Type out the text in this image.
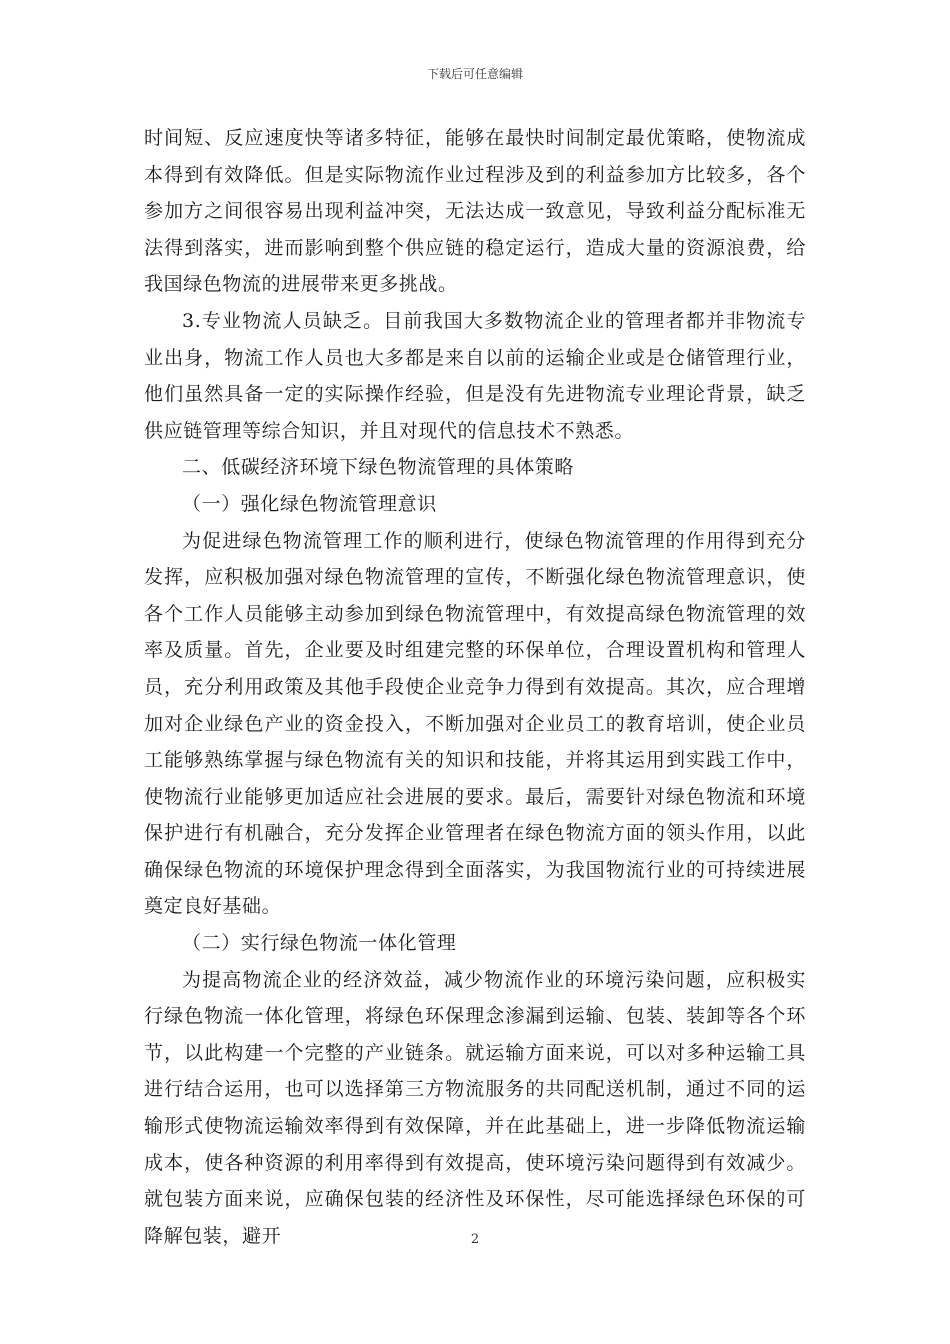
下载后可任意编辑

时间短、反应速度快等诸多特征，能够在最快时间制定最优策略，使物流成本得到有效降低。但是实际物流作业过程涉及到的利益参加方比较多，各个参加方之间很容易出现利益冲突，无法达成一致意见，导致利益分配标准无法得到落实，进而影响到整个供应链的稳定运行，造成大量的资源浪费，给我国绿色物流的进展带来更多挑战。

3.专业物流人员缺乏。目前我国大多数物流企业的管理者都并非物流专业出身，物流工作人员也大多都是来自以前的运输企业或是仓储管理行业，他们虽然具备一定的实际操作经验，但是没有先进物流专业理论背景，缺乏供应链管理等综合知识，并且对现代的信息技术不熟悉。

二、低碳经济环境下绿色物流管理的具体策略

（一）强化绿色物流管理意识

为促进绿色物流管理工作的顺利进行，使绿色物流管理的作用得到充分发挥，应积极加强对绿色物流管理的宣传，不断强化绿色物流管理意识，使各个工作人员能够主动参加到绿色物流管理中，有效提高绿色物流管理的效率及质量。首先，企业要及时组建完整的环保单位，合理设置机构和管理人员，充分利用政策及其他手段使企业竞争力得到有效提高。其次，应合理增加对企业绿色产业的资金投入，不断加强对企业员工的教育培训，使企业员工能够熟练掌握与绿色物流有关的知识和技能，并将其运用到实践工作中，使物流行业能够更加适应社会进展的要求。最后，需要针对绿色物流和环境保护进行有机融合，充分发挥企业管理者在绿色物流方面的领头作用，以此确保绿色物流的环境保护理念得到全面落实，为我国物流行业的可持续进展奠定良好基础。

（二）实行绿色物流一体化管理

为提高物流企业的经济效益，减少物流作业的环境污染问题，应积极实行绿色物流一体化管理，将绿色环保理念渗漏到运输、包装、装卸等各个环节，以此构建一个完整的产业链条。就运输方面来说，可以对多种运输工具进行结合运用，也可以选择第三方物流服务的共同配送机制，通过不同的运输形式使物流运输效率得到有效保障，并在此基础上，进一步降低物流运输成本，使各种资源的利用率得到有效提高，使环境污染问题得到有效减少。就包装方面来说，应确保包装的经济性及环保性，尽可能选择绿色环保的可降解包装，避开	2
